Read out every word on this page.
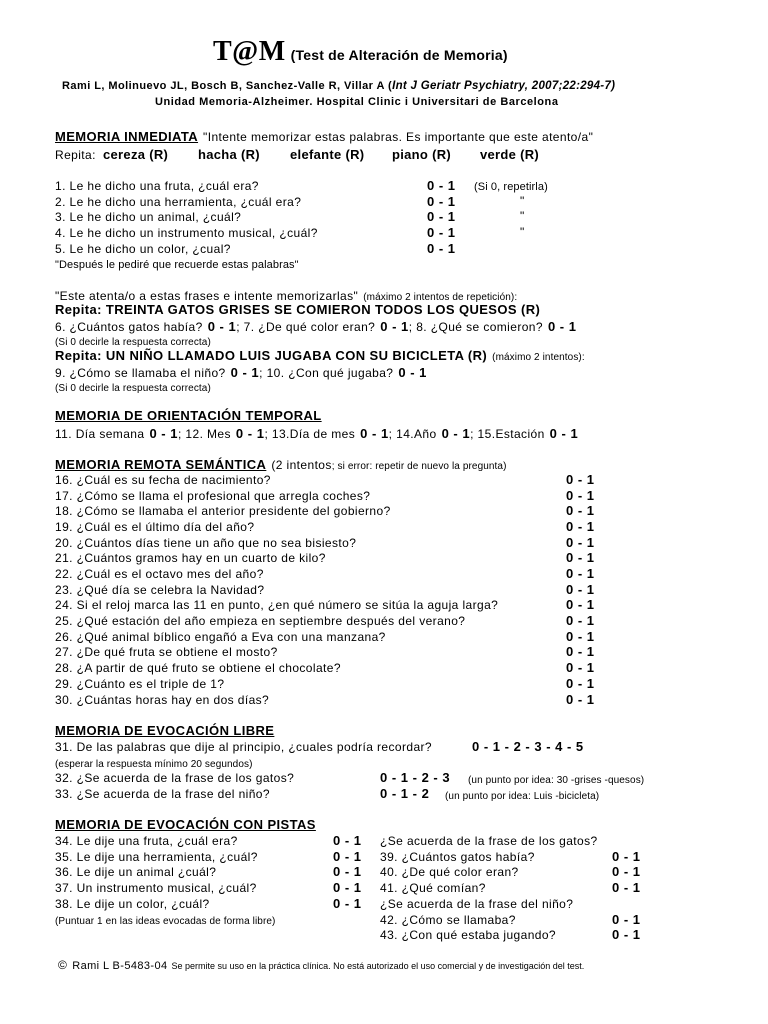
T@M (Test de Alteración de Memoria)
Rami L, Molinuevo JL, Bosch B, Sanchez-Valle R, Villar A (Int J Geriatr Psychiatry, 2007;22:294-7)
Unidad Memoria-Alzheimer. Hospital Clinic i Universitari de Barcelona
MEMORIA INMEDIATA "Intente memorizar estas palabras. Es importante que este atento/a"
Repita: cereza (R) hacha (R) elefante (R) piano (R) verde (R)
1. Le he dicho una fruta, ¿cuál era?	0 - 1 (Si 0, repetirla)
2. Le he dicho una herramienta, ¿cuál era?	0 - 1	"
3. Le he dicho un animal, ¿cuál?	0 - 1	"
4. Le he dicho un instrumento musical, ¿cuál?	0 - 1	"
5. Le he dicho un color, ¿cual?	0 - 1
"Después le pediré que recuerde estas palabras"
"Este atenta/o a estas frases e intente memorizarlas" (máximo 2 intentos de repetición):
Repita: TREINTA GATOS GRISES SE COMIERON TODOS LOS QUESOS (R)
6. ¿Cuántos gatos había? 0 - 1; 7. ¿De qué color eran? 0 - 1; 8. ¿Qué se comieron? 0 - 1
(Si 0 decirle la respuesta correcta)
Repita: UN NIÑO LLAMADO LUIS JUGABA CON SU BICICLETA (R) (máximo 2 intentos):
9. ¿Cómo se llamaba el niño? 0 - 1; 10. ¿Con qué jugaba? 0 - 1
(Si 0 decirle la respuesta correcta)
MEMORIA DE ORIENTACIÓN TEMPORAL
11. Día semana 0 - 1; 12. Mes 0 - 1; 13.Día de mes 0 - 1; 14.Año 0 - 1; 15.Estación 0 - 1
MEMORIA REMOTA SEMÁNTICA (2 intentos; si error: repetir de nuevo la pregunta)
16. ¿Cuál es su fecha de nacimiento?	0 - 1
17. ¿Cómo se llama el profesional que arregla coches?	0 - 1
18. ¿Cómo se llamaba el anterior presidente del gobierno?	0 - 1
19. ¿Cuál es el último día del año?	0 - 1
20. ¿Cuántos días tiene un año que no sea bisiesto?	0 - 1
21. ¿Cuántos gramos hay en un cuarto de kilo?	0 - 1
22. ¿Cuál es el octavo mes del año?	0 - 1
23. ¿Qué día se celebra la Navidad?	0 - 1
24. Si el reloj marca las 11 en punto, ¿en qué número se sitúa la aguja larga?	0 - 1
25. ¿Qué estación del año empieza en septiembre después del verano?	0 - 1
26. ¿Qué animal bíblico engañó a Eva con una manzana?	0 - 1
27. ¿De qué fruta se obtiene el mosto?	0 - 1
28. ¿A partir de qué fruto se obtiene el chocolate?	0 - 1
29. ¿Cuánto es el triple de 1?	0 - 1
30. ¿Cuántas horas hay en dos días?	0 - 1
MEMORIA DE EVOCACIÓN LIBRE
31. De las palabras que dije al principio, ¿cuales podría recordar?	0 - 1 - 2 - 3 - 4 - 5
(esperar la respuesta mínimo 20 segundos)
32. ¿Se acuerda de la frase de los gatos?	0 - 1 - 2 - 3 (un punto por idea: 30 -grises -quesos)
33. ¿Se acuerda de la frase del niño?	0 - 1 - 2 (un punto por idea: Luis -bicicleta)
MEMORIA DE EVOCACIÓN CON PISTAS
34. Le dije una fruta, ¿cuál era?	0 - 1
35. Le dije una herramienta, ¿cuál?	0 - 1
36. Le dije un animal ¿cuál?	0 - 1
37. Un instrumento musical, ¿cuál?	0 - 1
38. Le dije un color, ¿cuál?	0 - 1
(Puntuar 1 en las ideas evocadas de forma libre)
¿Se acuerda de la frase de los gatos?
39. ¿Cuántos gatos había?	0 - 1
40. ¿De qué color eran?	0 - 1
41. ¿Qué comían?	0 - 1
¿Se acuerda de la frase del niño?
42. ¿Cómo se llamaba?	0 - 1
43. ¿Con qué estaba jugando?	0 - 1
© Rami L B-5483-04 Se permite su uso en la práctica clínica. No está autorizado el uso comercial y de investigación del test.
